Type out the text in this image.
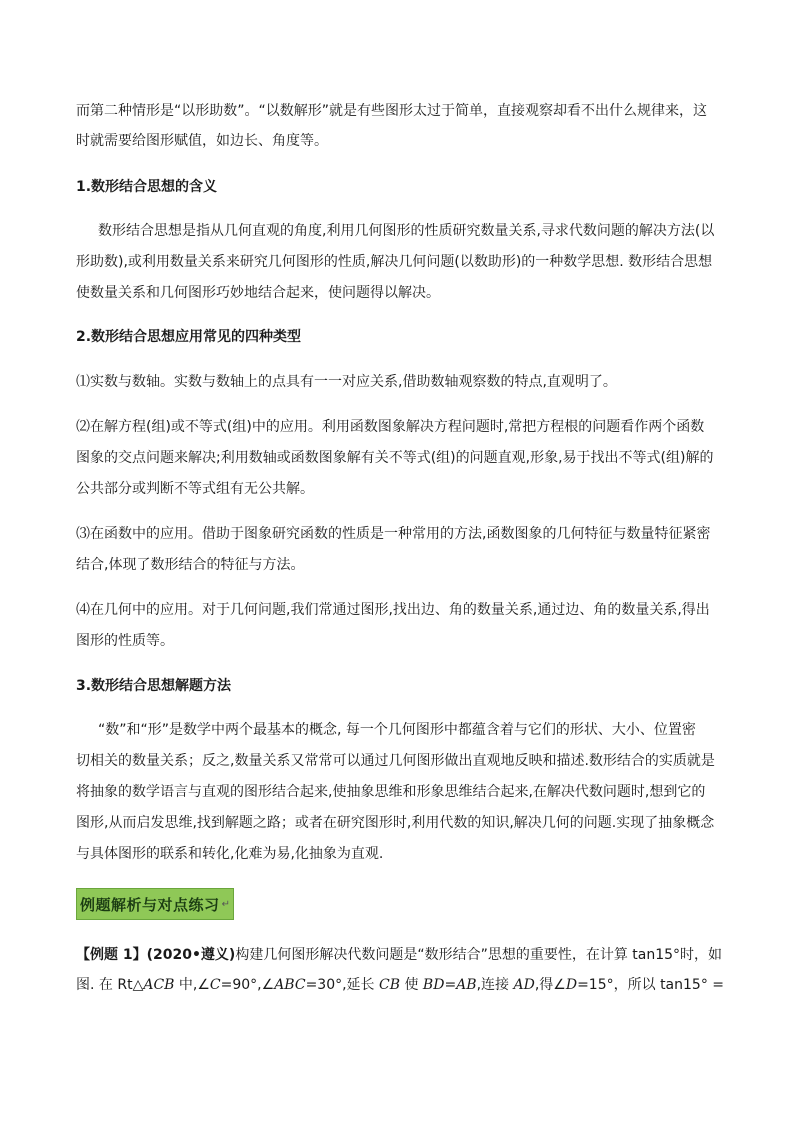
而第二种情形是“以形助数”。“以数解形”就是有些图形太过于简单，直接观察却看不出什么规律来，这

时就需要给图形赋值，如边长、角度等。

1.数形结合思想的含义

数形结合思想是指从几何直观的角度,利用几何图形的性质研究数量关系,寻求代数问题的解决方法(以

形助数),或利用数量关系来研究几何图形的性质,解决几何问题(以数助形)的一种数学思想. 数形结合思想

使数量关系和几何图形巧妙地结合起来，使问题得以解决。

2.数形结合思想应用常见的四种类型

⑴实数与数轴。实数与数轴上的点具有一一对应关系,借助数轴观察数的特点,直观明了。

⑵在解方程(组)或不等式(组)中的应用。利用函数图象解决方程问题时,常把方程根的问题看作两个函数

图象的交点问题来解决;利用数轴或函数图象解有关不等式(组)的问题直观,形象,易于找出不等式(组)解的

公共部分或判断不等式组有无公共解。

⑶在函数中的应用。借助于图象研究函数的性质是一种常用的方法,函数图象的几何特征与数量特征紧密

结合,体现了数形结合的特征与方法。

⑷在几何中的应用。对于几何问题,我们常通过图形,找出边、角的数量关系,通过边、角的数量关系,得出

图形的性质等。

3.数形结合思想解题方法

“数”和“形”是数学中两个最基本的概念, 每一个几何图形中都蕴含着与它们的形状、大小、位置密

切相关的数量关系；反之,数量关系又常常可以通过几何图形做出直观地反映和描述.数形结合的实质就是

将抽象的数学语言与直观的图形结合起来,使抽象思维和形象思维结合起来,在解决代数问题时,想到它的

图形,从而启发思维,找到解题之路；或者在研究图形时,利用代数的知识,解决几何的问题.实现了抽象概念

与具体图形的联系和转化,化难为易,化抽象为直观.

例题解析与对点练习 ↵

【例题 1】(2020•遵义)构建几何图形解决代数问题是“数形结合”思想的重要性，在计算 tan15°时，如

图. 在 Rt△ACB 中,∠C=90°,∠ABC=30°,延长 CB 使 BD=AB,连接 AD,得∠D=15°，所以 tan15° =
